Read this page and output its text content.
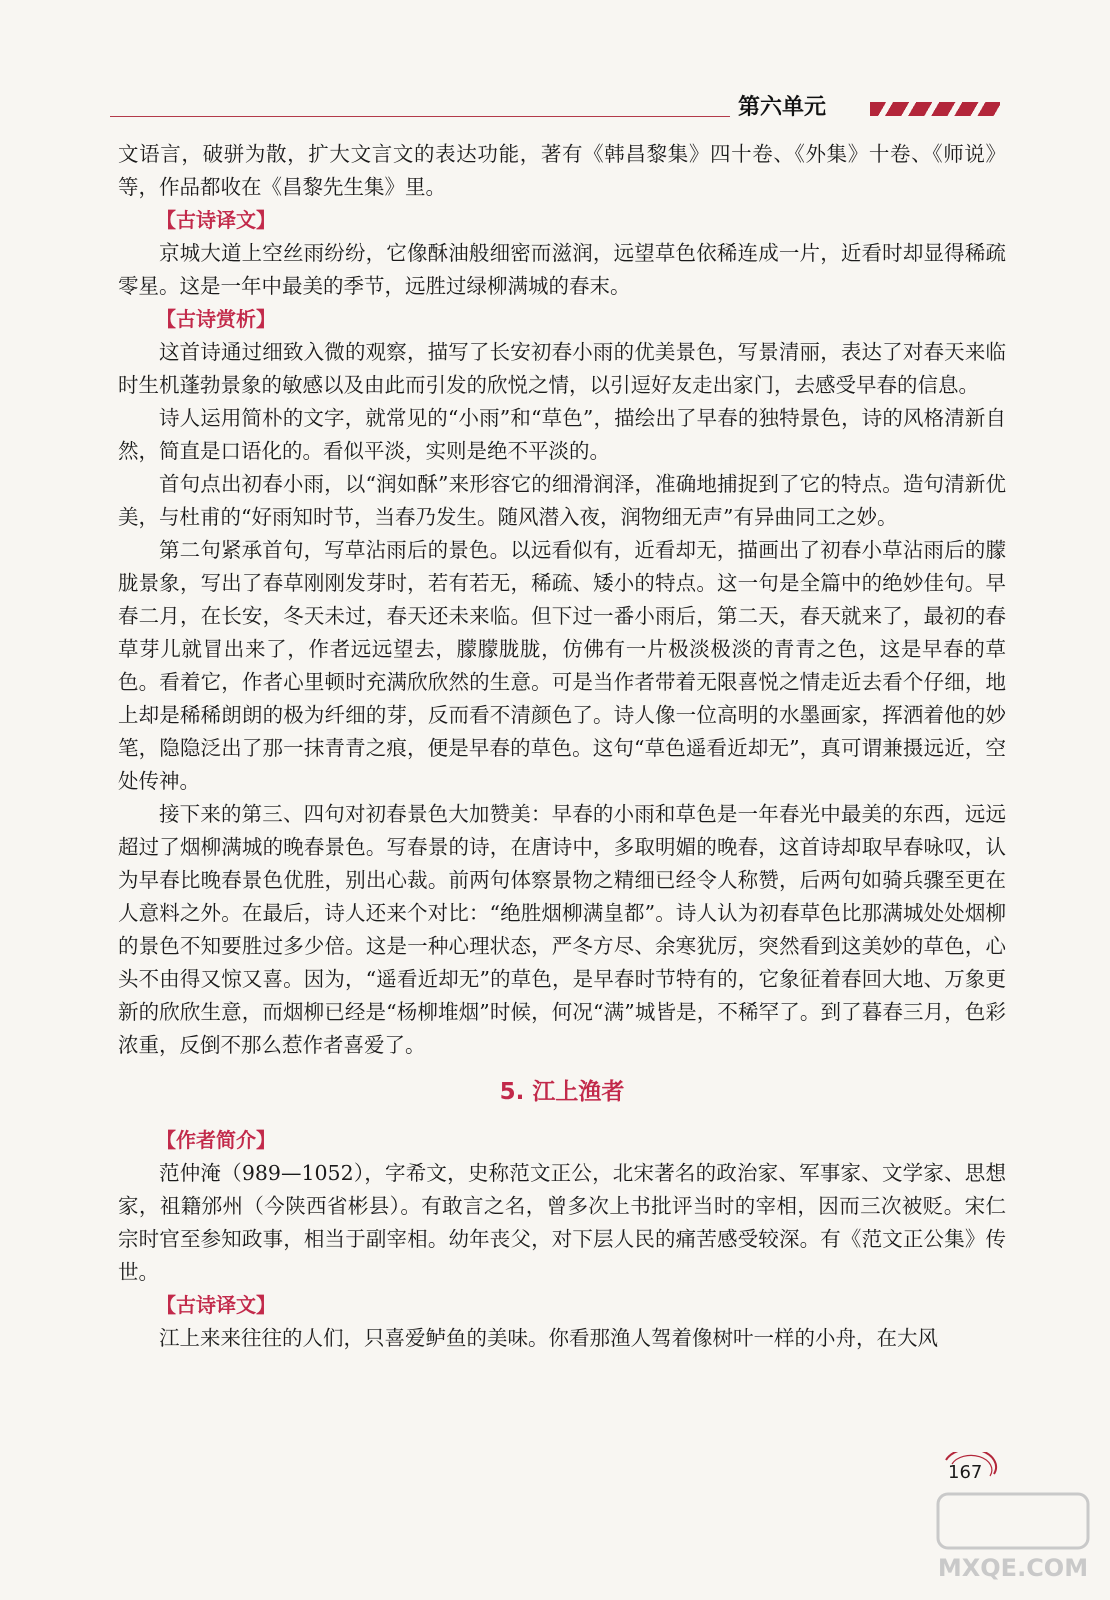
第六单元

文语言，破骈为散，扩大文言文的表达功能，著有《韩昌黎集》四十卷、《外集》十卷、《师说》等，作品都收在《昌黎先生集》里。

【古诗译文】

京城大道上空丝雨纷纷，它像酥油般细密而滋润，远望草色依稀连成一片，近看时却显得稀疏零星。这是一年中最美的季节，远胜过绿柳满城的春末。

【古诗赏析】

这首诗通过细致入微的观察，描写了长安初春小雨的优美景色，写景清丽，表达了对春天来临时生机蓬勃景象的敏感以及由此而引发的欣悦之情，以引逗好友走出家门，去感受早春的信息。

诗人运用简朴的文字，就常见的“小雨”和“草色”，描绘出了早春的独特景色，诗的风格清新自然，简直是口语化的。看似平淡，实则是绝不平淡的。

首句点出初春小雨，以“润如酥”来形容它的细滑润泽，准确地捕捉到了它的特点。造句清新优美，与杜甫的“好雨知时节，当春乃发生。随风潜入夜，润物细无声”有异曲同工之妙。

第二句紧承首句，写草沾雨后的景色。以远看似有，近看却无，描画出了初春小草沾雨后的朦胧景象，写出了春草刚刚发芽时，若有若无，稀疏、矮小的特点。这一句是全篇中的绝妙佳句。早春二月，在长安，冬天未过，春天还未来临。但下过一番小雨后，第二天，春天就来了，最初的春草芽儿就冒出来了，作者远远望去，朦朦胧胧，仿佛有一片极淡极淡的青青之色，这是早春的草色。看着它，作者心里顿时充满欣欣然的生意。可是当作者带着无限喜悦之情走近去看个仔细，地上却是稀稀朗朗的极为纤细的芽，反而看不清颜色了。诗人像一位高明的水墨画家，挥洒着他的妙笔，隐隐泛出了那一抹青青之痕，便是早春的草色。这句“草色遥看近却无”，真可谓兼摄远近，空处传神。

接下来的第三、四句对初春景色大加赞美：早春的小雨和草色是一年春光中最美的东西，远远超过了烟柳满城的晚春景色。写春景的诗，在唐诗中，多取明媚的晚春，这首诗却取早春咏叹，认为早春比晚春景色优胜，别出心裁。前两句体察景物之精细已经令人称赞，后两句如骑兵骤至更在人意料之外。在最后，诗人还来个对比：“绝胜烟柳满皇都”。诗人认为初春草色比那满城处处烟柳的景色不知要胜过多少倍。这是一种心理状态，严冬方尽、余寒犹厉，突然看到这美妙的草色，心头不由得又惊又喜。因为，“遥看近却无”的草色，是早春时节特有的，它象征着春回大地、万象更新的欣欣生意，而烟柳已经是“杨柳堆烟”时候，何况“满”城皆是，不稀罕了。到了暮春三月，色彩浓重，反倒不那么惹作者喜爱了。

5. 江上渔者
【作者简介】

范仲淹（989—1052），字希文，史称范文正公，北宋著名的政治家、军事家、文学家、思想家，祖籍邠州（今陕西省彬县）。有敢言之名，曾多次上书批评当时的宰相，因而三次被贬。宋仁宗时官至参知政事，相当于副宰相。幼年丧父，对下层人民的痛苦感受较深。有《范文正公集》传世。

【古诗译文】

江上来来往往的人们，只喜爱鲈鱼的美味。你看那渔人驾着像树叶一样的小舟，在大风

167
MXQE.COM
